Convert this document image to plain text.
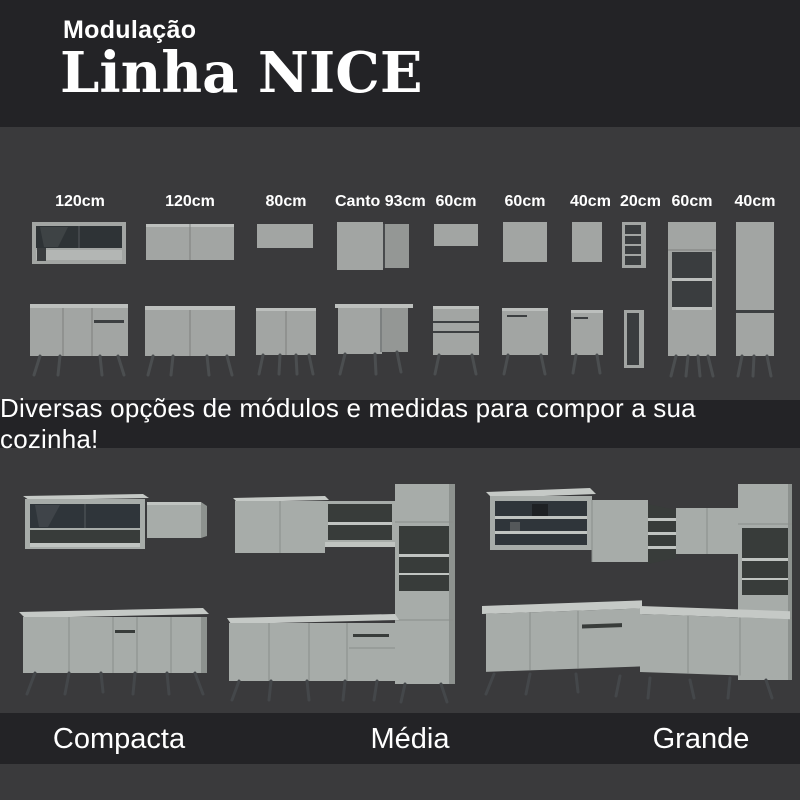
Modulação
Linha NICE
120cm	120cm	80cm	Canto 93cm 60cm 60cm 40cm 20cm 60cm	40cm
Diversas opções de módulos e medidas para compor a sua cozinha!
Compacta	Média	Grande
